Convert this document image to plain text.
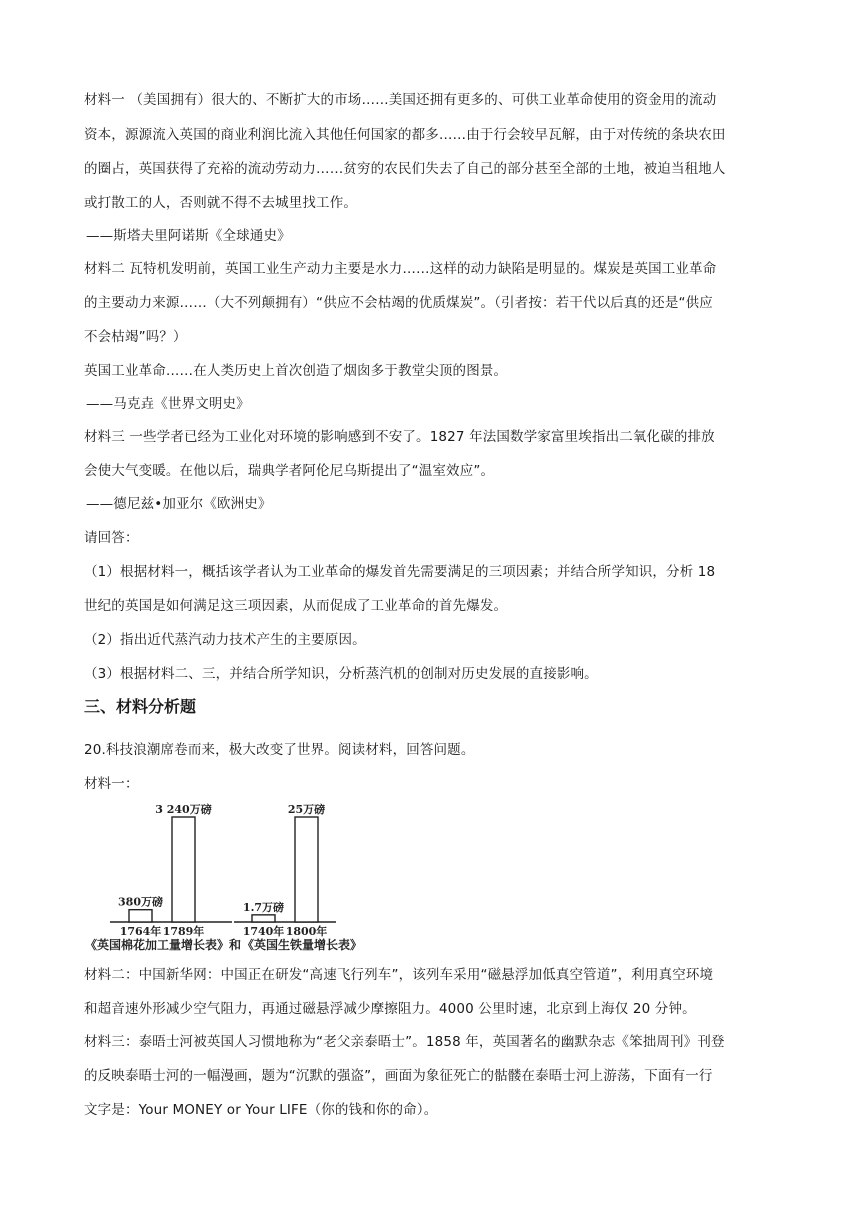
材料一 （美国拥有）很大的、不断扩大的市场……美国还拥有更多的、可供工业革命使用的资金用的流动
资本，源源流入英国的商业利润比流入其他任何国家的都多……由于行会较早瓦解，由于对传统的条块农田
的圈占，英国获得了充裕的流动劳动力……贫穷的农民们失去了自己的部分甚至全部的土地，被迫当租地人
或打散工的人，否则就不得不去城里找工作。
——斯塔夫里阿诺斯《全球通史》
材料二 瓦特机发明前，英国工业生产动力主要是水力……这样的动力缺陷是明显的。煤炭是英国工业革命
的主要动力来源……（大不列颠拥有）“供应不会枯竭的优质煤炭”。（引者按：若干代以后真的还是“供应
不会枯竭”吗？）
英国工业革命……在人类历史上首次创造了烟囱多于教堂尖顶的图景。
——马克垚《世界文明史》
材料三 一些学者已经为工业化对环境的影响感到不安了。1827 年法国数学家富里埃指出二氧化碳的排放
会使大气变暖。在他以后，瑞典学者阿伦尼乌斯提出了“温室效应”。
——德尼兹•加亚尔《欧洲史》
请回答：
（1）根据材料一，概括该学者认为工业革命的爆发首先需要满足的三项因素；并结合所学知识，分析 18
世纪的英国是如何满足这三项因素，从而促成了工业革命的首先爆发。
（2）指出近代蒸汽动力技术产生的主要原因。
（3）根据材料二、三，并结合所学知识，分析蒸汽机的创制对历史发展的直接影响。
三、材料分析题
20.科技浪潮席卷而来，极大改变了世界。阅读材料，回答问题。
材料一：
380万磅
1764年
3 240万磅
1789年
1.7万磅
1740年
25万磅
1800年
《英国棉花加工量增长表》 和 《英国生铁量增长表》
材料二：中国新华网：中国正在研发“高速飞行列车”，该列车采用“磁悬浮加低真空管道”，利用真空环境
和超音速外形减少空气阻力，再通过磁悬浮减少摩擦阻力。4000 公里时速，北京到上海仅 20 分钟。
材料三：泰晤士河被英国人习惯地称为“老父亲泰晤士”。1858 年，英国著名的幽默杂志《笨拙周刊》刊登
的反映泰晤士河的一幅漫画，题为“沉默的强盗”，画面为象征死亡的骷髅在泰晤士河上游荡，下面有一行
文字是：Your MONEY or Your LIFE（你的钱和你的命）。
